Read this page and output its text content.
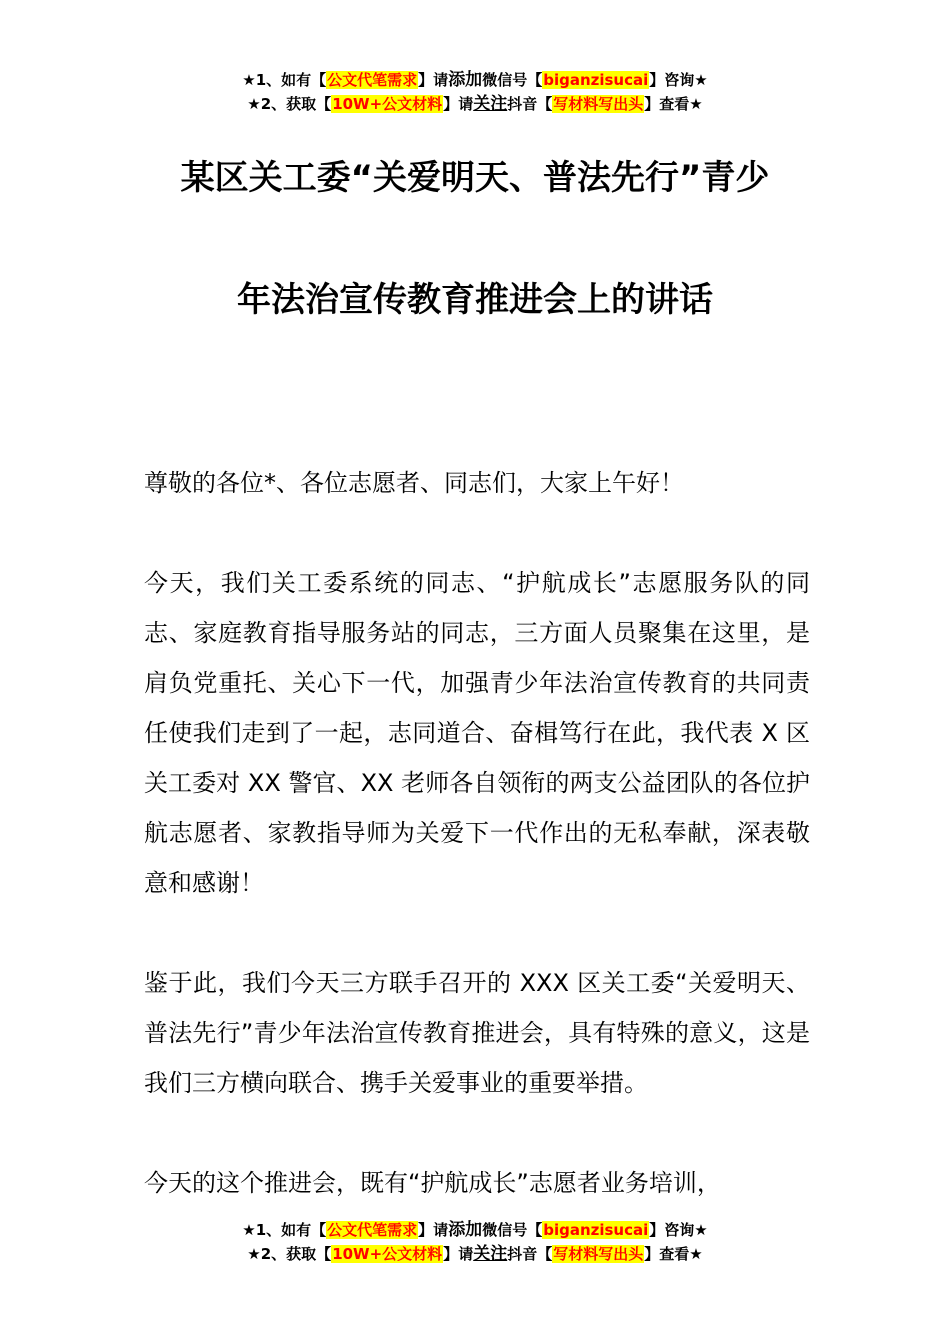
★1、如有【公文代笔需求】请添加微信号【biganzisucai】咨询★
★2、获取【10W+公文材料】请关注抖音【写材料写出头】查看★
某区关工委“关爱明天、普法先行”青少
年法治宣传教育推进会上的讲话

尊敬的各位*、各位志愿者、同志们，大家上午好！

今天，我们关工委系统的同志、“护航成长”志愿服务队的同志、家庭教育指导服务站的同志，三方面人员聚集在这里，是肩负党重托、关心下一代，加强青少年法治宣传教育的共同责任使我们走到了一起，志同道合、奋楫笃行在此，我代表 X 区关工委对 XX 警官、XX 老师各自领衔的两支公益团队的各位护航志愿者、家教指导师为关爱下一代作出的无私奉献，深表敬意和感谢！

鉴于此，我们今天三方联手召开的 XXX 区关工委“关爱明天、普法先行”青少年法治宣传教育推进会，具有特殊的意义，这是我们三方横向联合、携手关爱事业的重要举措。

今天的这个推进会，既有“护航成长”志愿者业务培训，

★1、如有【公文代笔需求】请添加微信号【biganzisucai】咨询★
★2、获取【10W+公文材料】请关注抖音【写材料写出头】查看★
